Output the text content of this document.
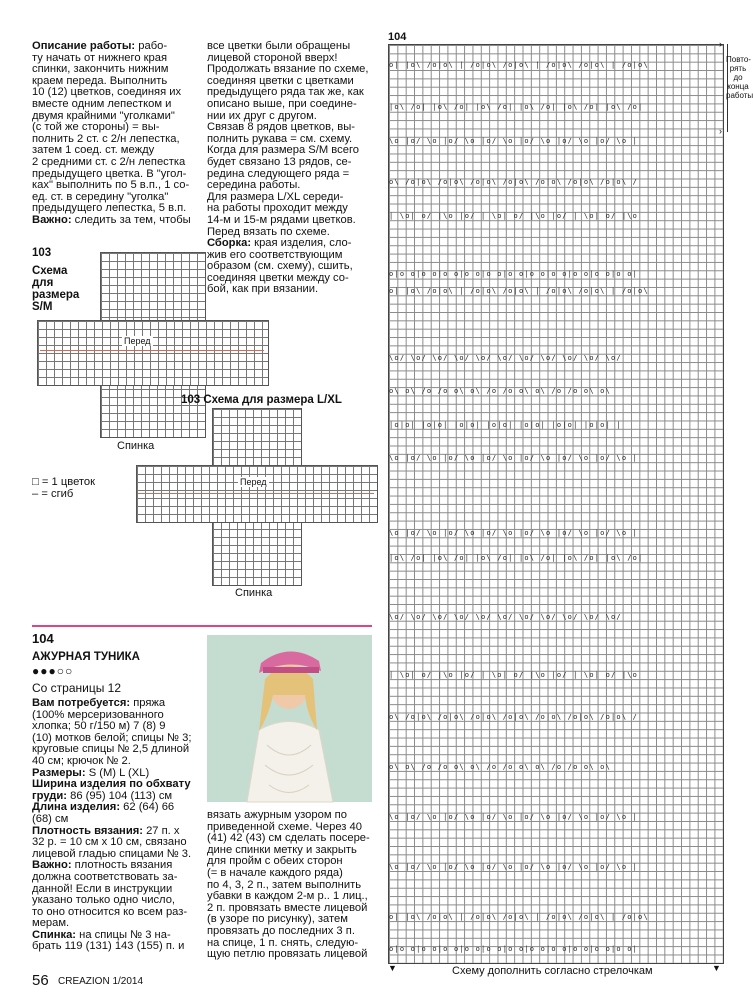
Описание работы: рабо-
ту начать от нижнего края
спинки, закончить нижним
краем переда. Выполнить
10 (12) цветков, соединяя их
вместе одним лепестком и
двумя крайними "уголками"
(с той же стороны) = вы-
полнить 2 ст. с 2/н лепестка,
затем 1 соед. ст. между
2 средними ст. с 2/н лепестка
предыдущего цветка. В "угол-
ках" выполнить по 5 в.п., 1 со-
ед. ст. в середину "уголка"
предыдущего лепестка, 5 в.п.
Важно: следить за тем, чтобы
все цветки были обращены
лицевой стороной вверх!
Продолжать вязание по схеме,
соединяя цветки с цветками
предыдущего ряда так же, как
описано выше, при соедине-
нии их друг с другом.
Связав 8 рядов цветков, вы-
полнить рукава = см. схему.
Когда для размера S/M всего
будет связано 13 рядов, се-
редина следующего ряда =
середина работы.
Для размера L/XL середи-
на работы проходит между
14-м и 15-м рядами цветков.
Перед вязать по схеме.
Сборка: края изделия, сло-
жив его соответствующим
образом (см. схему), сшить,
соединяя цветки между со-
бой, как при вязании.
103
Схема
для
размера
S/M
Перед
Спинка
103 Схема для размера L/XL
Перед
Спинка
□ = 1 цветок
– = сгиб
104
АЖУРНАЯ ТУНИКА
●●●○○
Со страницы 12
Вам потребуется: пряжа
(100% мерсеризованного
хлопка; 50 г/150 м) 7 (8) 9
(10) мотков белой; спицы № 3;
круговые спицы № 2,5 длиной
40 см; крючок № 2.
Размеры: S (M) L (XL)
Ширина изделия по обхвату
груди: 86 (95) 104 (113) см
Длина изделия: 62 (64) 66
(68) см
Плотность вязания: 27 п. х
32 р. = 10 см х 10 см, связано
лицевой гладью спицами № 3.
Важно: плотность вязания
должна соответствовать за-
данной! Если в инструкции
указано только одно число,
то оно относится ко всем раз-
мерам.
Спинка: на спицы № 3 на-
брать 119 (131) 143 (155) п. и
вязать ажурным узором по
приведенной схеме. Через 40
(41) 42 (43) см сделать посере-
дине спинки метку и закрыть
для пройм с обеих сторон
(= в начале каждого ряда)
по 4, 3, 2 п., затем выполнить
убавки в каждом 2-м р.. 1 лиц.,
2 п. провязать вместе лицевой
(в узоре по рисунку), затем
провязать до последних 3 п.
на спице, 1 п. снять, следую-
щую петлю провязать лицевой
104
o| |o\ /o|o\ | /o|o\ /o|o\ | /o|o\ /o|o\ | /o|o\
|o\ /o| |o\ /o| |o\ /o| |o\ /o| |o\ /o| |o\ /o|
\o |o/ \o |o/ \o |o/ \o |o/ \o |o/ \o |o/ \o |
o\ /o|o\ /o|o\ /o|o\ /o|o\ /o|o\ /o|o\ /o|o\ /
| \o| o/ |\o |o/ | \o| o/ |\o |o/ | \o| o/ |\o
o|o o|o o|o o|o o|o o|o o|o o|o o|o o|o o|o o|
o| |o\ /o|o\ | /o|o\ /o|o\ | /o|o\ /o|o\ | /o|o\
\o/ \o/ \o/ \o/ \o/ \o/ \o/ \o/ \o/ \o/ \o/
o\ o\ /o /o o\ o\ /o /o o\ o\ /o /o o\ o\
|o|o| |o|o| |o|o| |o|o| |o|o| |o|o| |o|o| |
\o |o/ \o |o/ \o |o/ \o |o/ \o |o/ \o |o/ \o |
\o |o/ \o |o/ \o |o/ \o |o/ \o |o/ \o |o/ \o |
|o\ /o| |o\ /o| |o\ /o| |o\ /o| |o\ /o| |o\ /o|
\o/ \o/ \o/ \o/ \o/ \o/ \o/ \o/ \o/ \o/ \o/
| \o| o/ |\o |o/ | \o| o/ |\o |o/ | \o| o/ |\o
o\ /o|o\ /o|o\ /o|o\ /o|o\ /o|o\ /o|o\ /o|o\ /
o\ o\ /o /o o\ o\ /o /o o\ o\ /o /o o\ o\
\o |o/ \o |o/ \o |o/ \o |o/ \o |o/ \o |o/ \o |
\o |o/ \o |o/ \o |o/ \o |o/ \o |o/ \o |o/ \o |
o| |o\ /o|o\ | /o|o\ /o|o\ | /o|o\ /o|o\ | /o|o\
o|o o|o o|o o|o o|o o|o o|o o|o o|o o|o o|o o|
›
›
Повто-
рять
до
конца
работы
▼	▼
Схему дополнить согласно стрелочкам
56 CREAZION 1/2014
